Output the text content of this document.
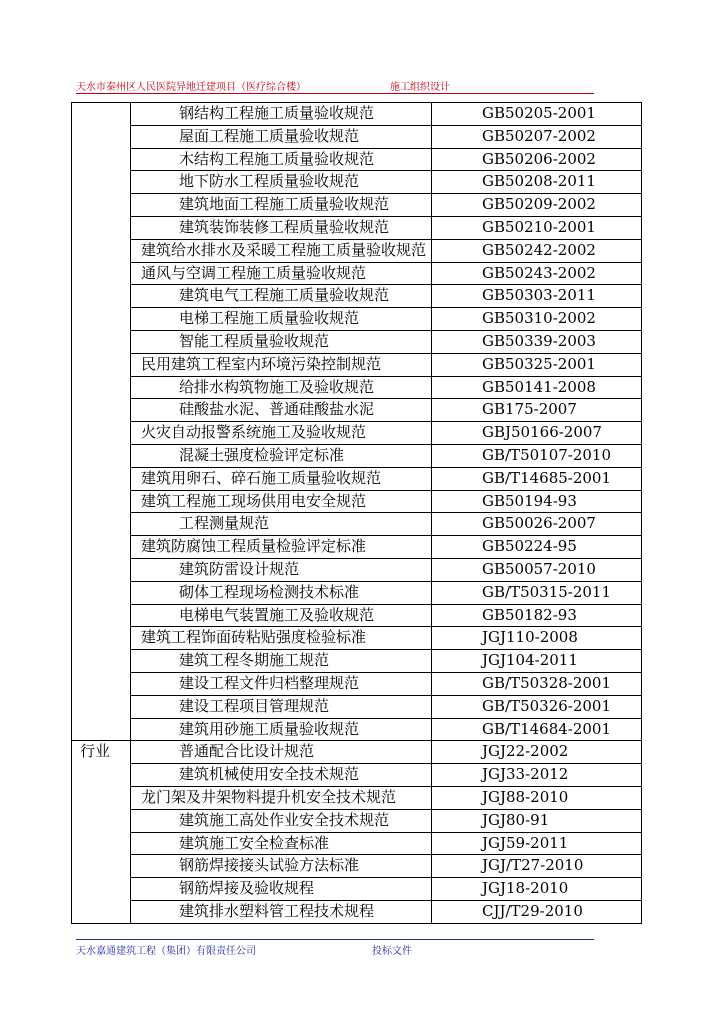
天水市秦州区人民医院异地迁建项目（医疗综合楼）	施工组织设计
	钢结构工程施工质量验收规范	GB50205-2001
	屋面工程施工质量验收规范	GB50207-2002
	木结构工程施工质量验收规范	GB50206-2002
	地下防水工程质量验收规范	GB50208-2011
	建筑地面工程施工质量验收规范	GB50209-2002
	建筑装饰装修工程质量验收规范	GB50210-2001
	建筑给水排水及采暖工程施工质量验收规范	GB50242-2002
	通风与空调工程施工质量验收规范	GB50243-2002
	建筑电气工程施工质量验收规范	GB50303-2011
	电梯工程施工质量验收规范	GB50310-2002
	智能工程质量验收规范	GB50339-2003
	民用建筑工程室内环境污染控制规范	GB50325-2001
	给排水构筑物施工及验收规范	GB50141-2008
	硅酸盐水泥、普通硅酸盐水泥	GB175-2007
	火灾自动报警系统施工及验收规范	GBJ50166-2007
	混凝土强度检验评定标准	GB/T50107-2010
	建筑用卵石、碎石施工质量验收规范	GB/T14685-2001
	建筑工程施工现场供用电安全规范	GB50194-93
	工程测量规范	GB50026-2007
	建筑防腐蚀工程质量检验评定标准	GB50224-95
	建筑防雷设计规范	GB50057-2010
	砌体工程现场检测技术标准	GB/T50315-2011
	电梯电气装置施工及验收规范	GB50182-93
	建筑工程饰面砖粘贴强度检验标准	JGJ110-2008
	建筑工程冬期施工规范	JGJ104-2011
	建设工程文件归档整理规范	GB/T50328-2001
	建设工程项目管理规范	GB/T50326-2001
	建筑用砂施工质量验收规范	GB/T14684-2001
行业	普通配合比设计规范	JGJ22-2002
	建筑机械使用安全技术规范	JGJ33-2012
	龙门架及井架物料提升机安全技术规范	JGJ88-2010
	建筑施工高处作业安全技术规范	JGJ80-91
	建筑施工安全检查标准	JGJ59-2011
	钢筋焊接接头试验方法标准	JGJ/T27-2010
	钢筋焊接及验收规程	JGJ18-2010
	建筑排水塑料管工程技术规程	CJJ/T29-2010
天水嘉通建筑工程（集团）有限责任公司	投标文件
